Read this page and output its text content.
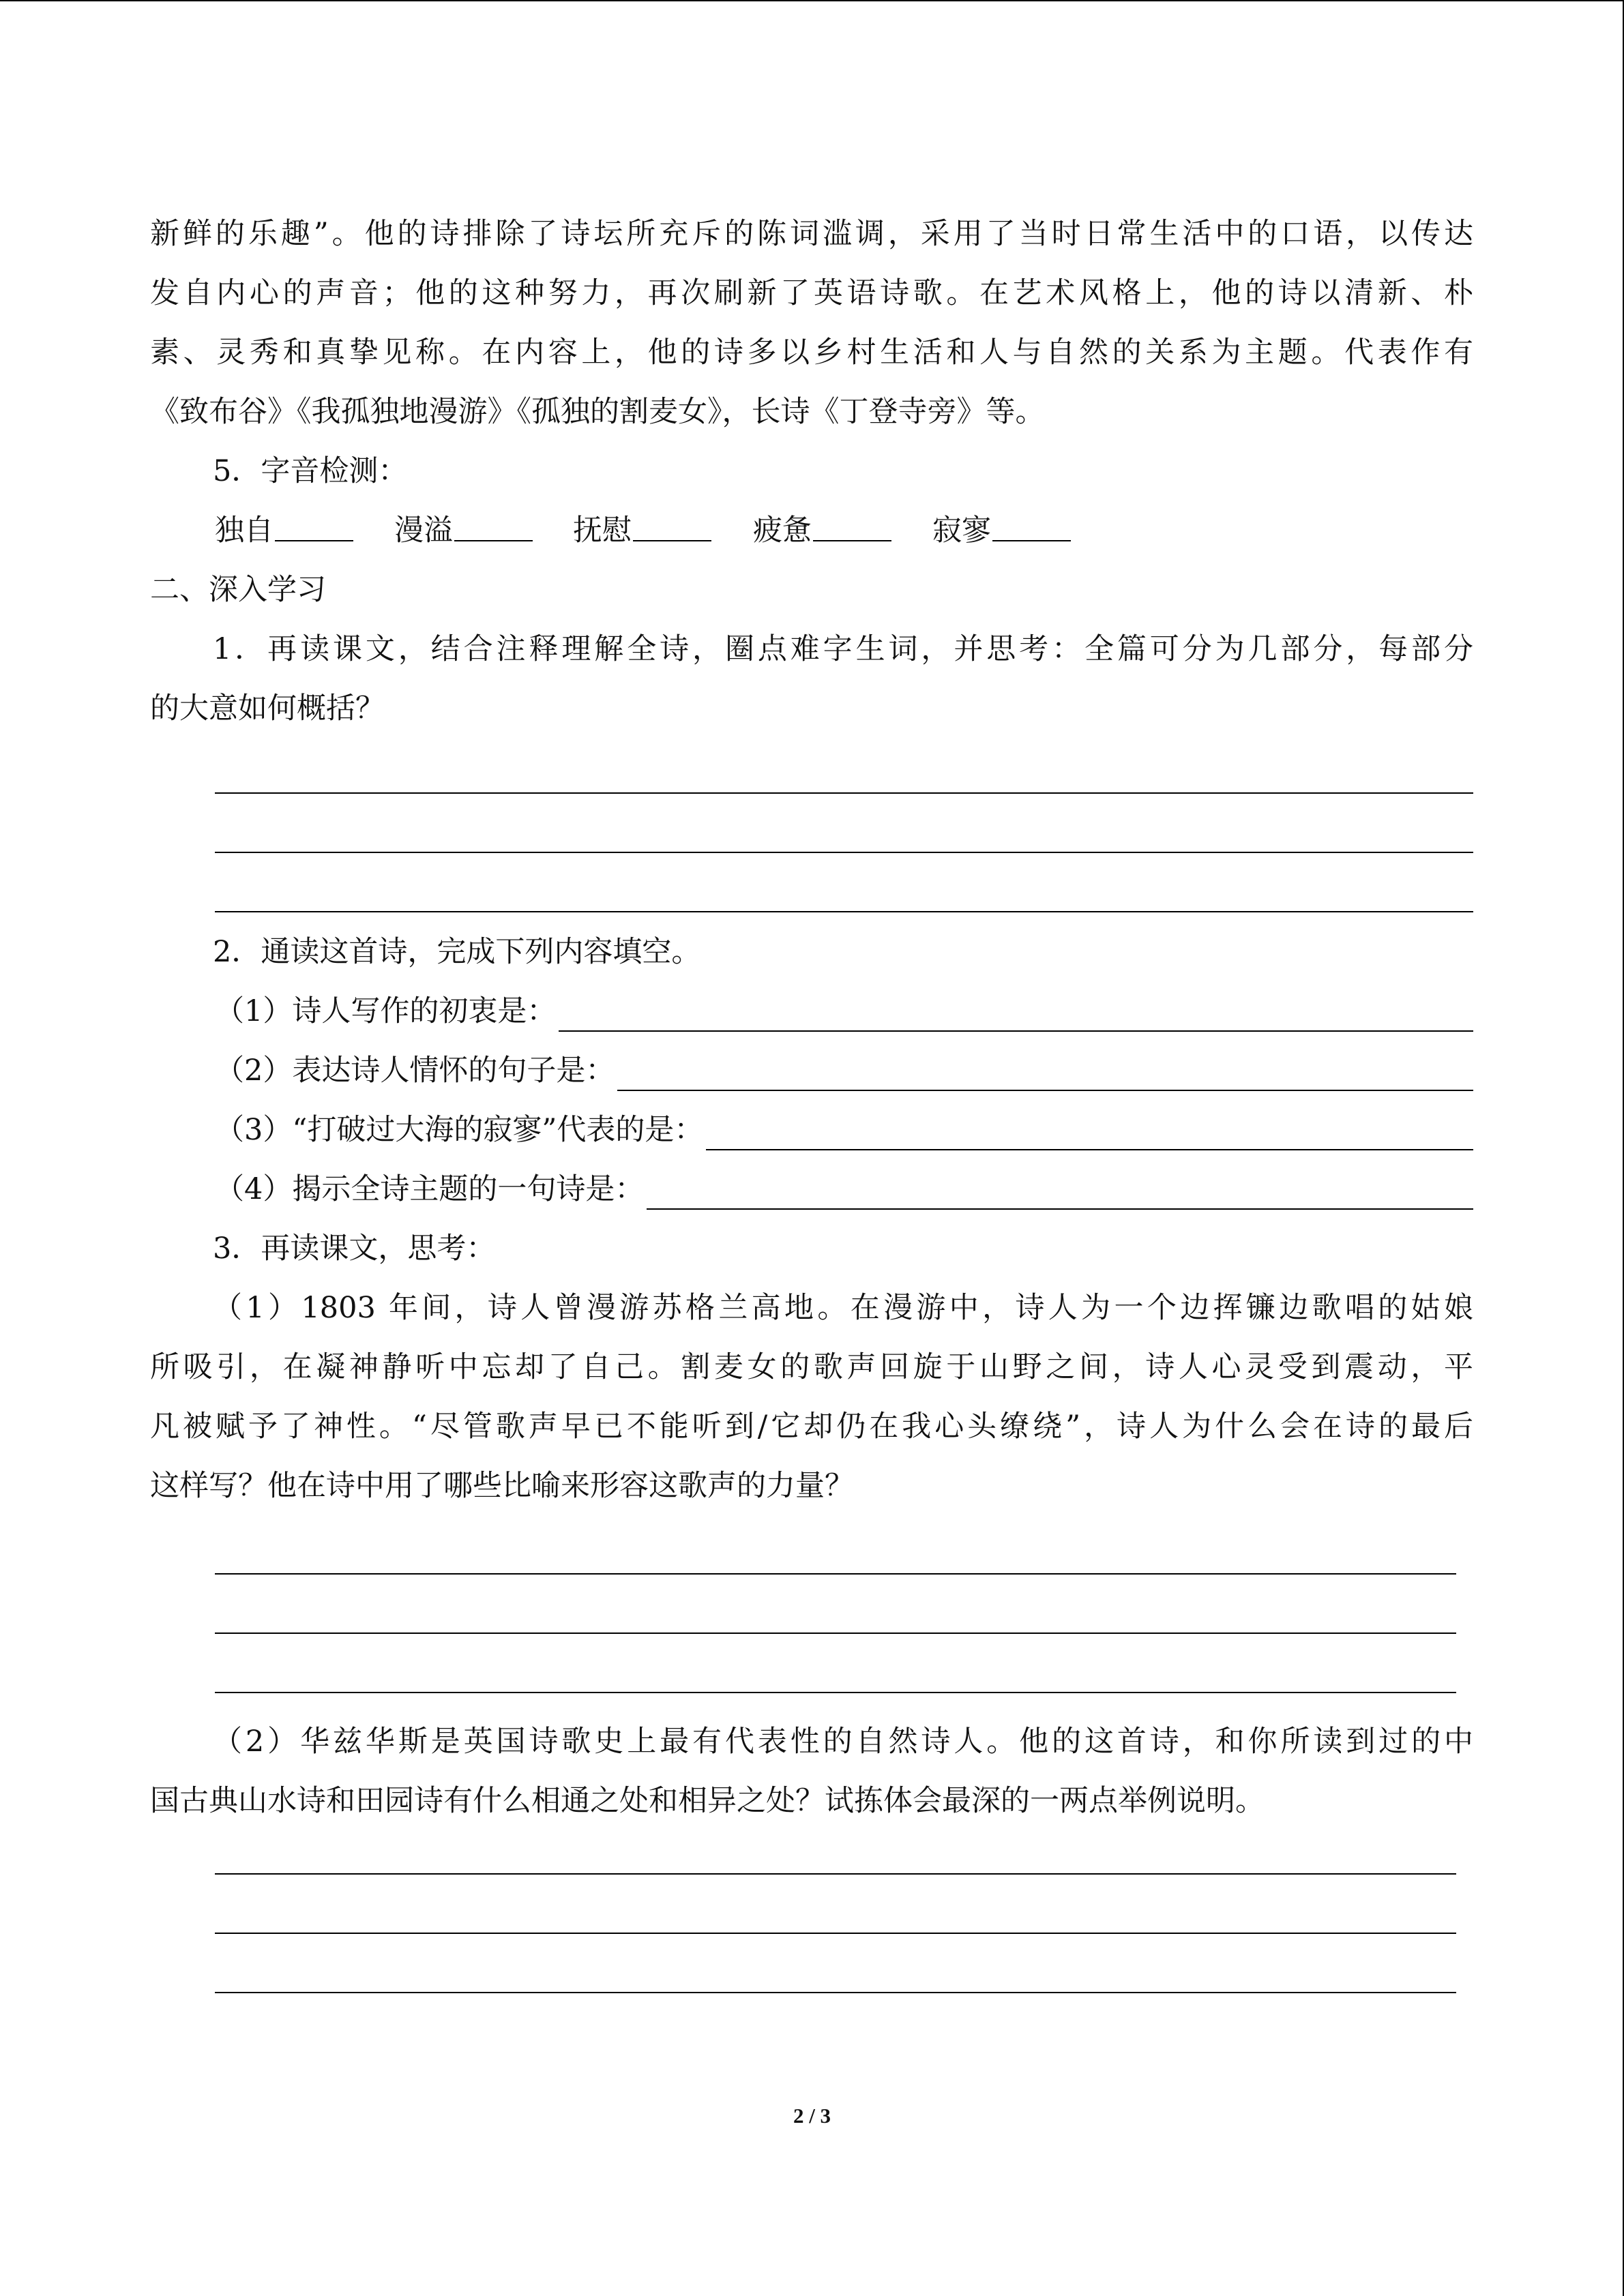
新鲜的乐趣”。他的诗排除了诗坛所充斥的陈词滥调，采用了当时日常生活中的口语，以传达
发自内心的声音；他的这种努力，再次刷新了英语诗歌。在艺术风格上，他的诗以清新、朴
素、灵秀和真挚见称。在内容上，他的诗多以乡村生活和人与自然的关系为主题。代表作有
《致布谷》《我孤独地漫游》《孤独的割麦女》，长诗《丁登寺旁》等。
5．字音检测：
独自	漫溢	抚慰	疲惫	寂寥
二、深入学习
1．再读课文，结合注释理解全诗，圈点难字生词，并思考：全篇可分为几部分，每部分
的大意如何概括？
2．通读这首诗，完成下列内容填空。
（1）诗人写作的初衷是：
（2）表达诗人情怀的句子是：
（3）“打破过大海的寂寥”代表的是：
（4）揭示全诗主题的一句诗是：
3．再读课文，思考：
（1）1803 年间，诗人曾漫游苏格兰高地。在漫游中，诗人为一个边挥镰边歌唱的姑娘
所吸引，在凝神静听中忘却了自己。割麦女的歌声回旋于山野之间，诗人心灵受到震动，平
凡被赋予了神性。“尽管歌声早已不能听到/它却仍在我心头缭绕”，诗人为什么会在诗的最后
这样写？他在诗中用了哪些比喻来形容这歌声的力量？
（2）华兹华斯是英国诗歌史上最有代表性的自然诗人。他的这首诗，和你所读到过的中
国古典山水诗和田园诗有什么相通之处和相异之处？试拣体会最深的一两点举例说明。
2 / 3
